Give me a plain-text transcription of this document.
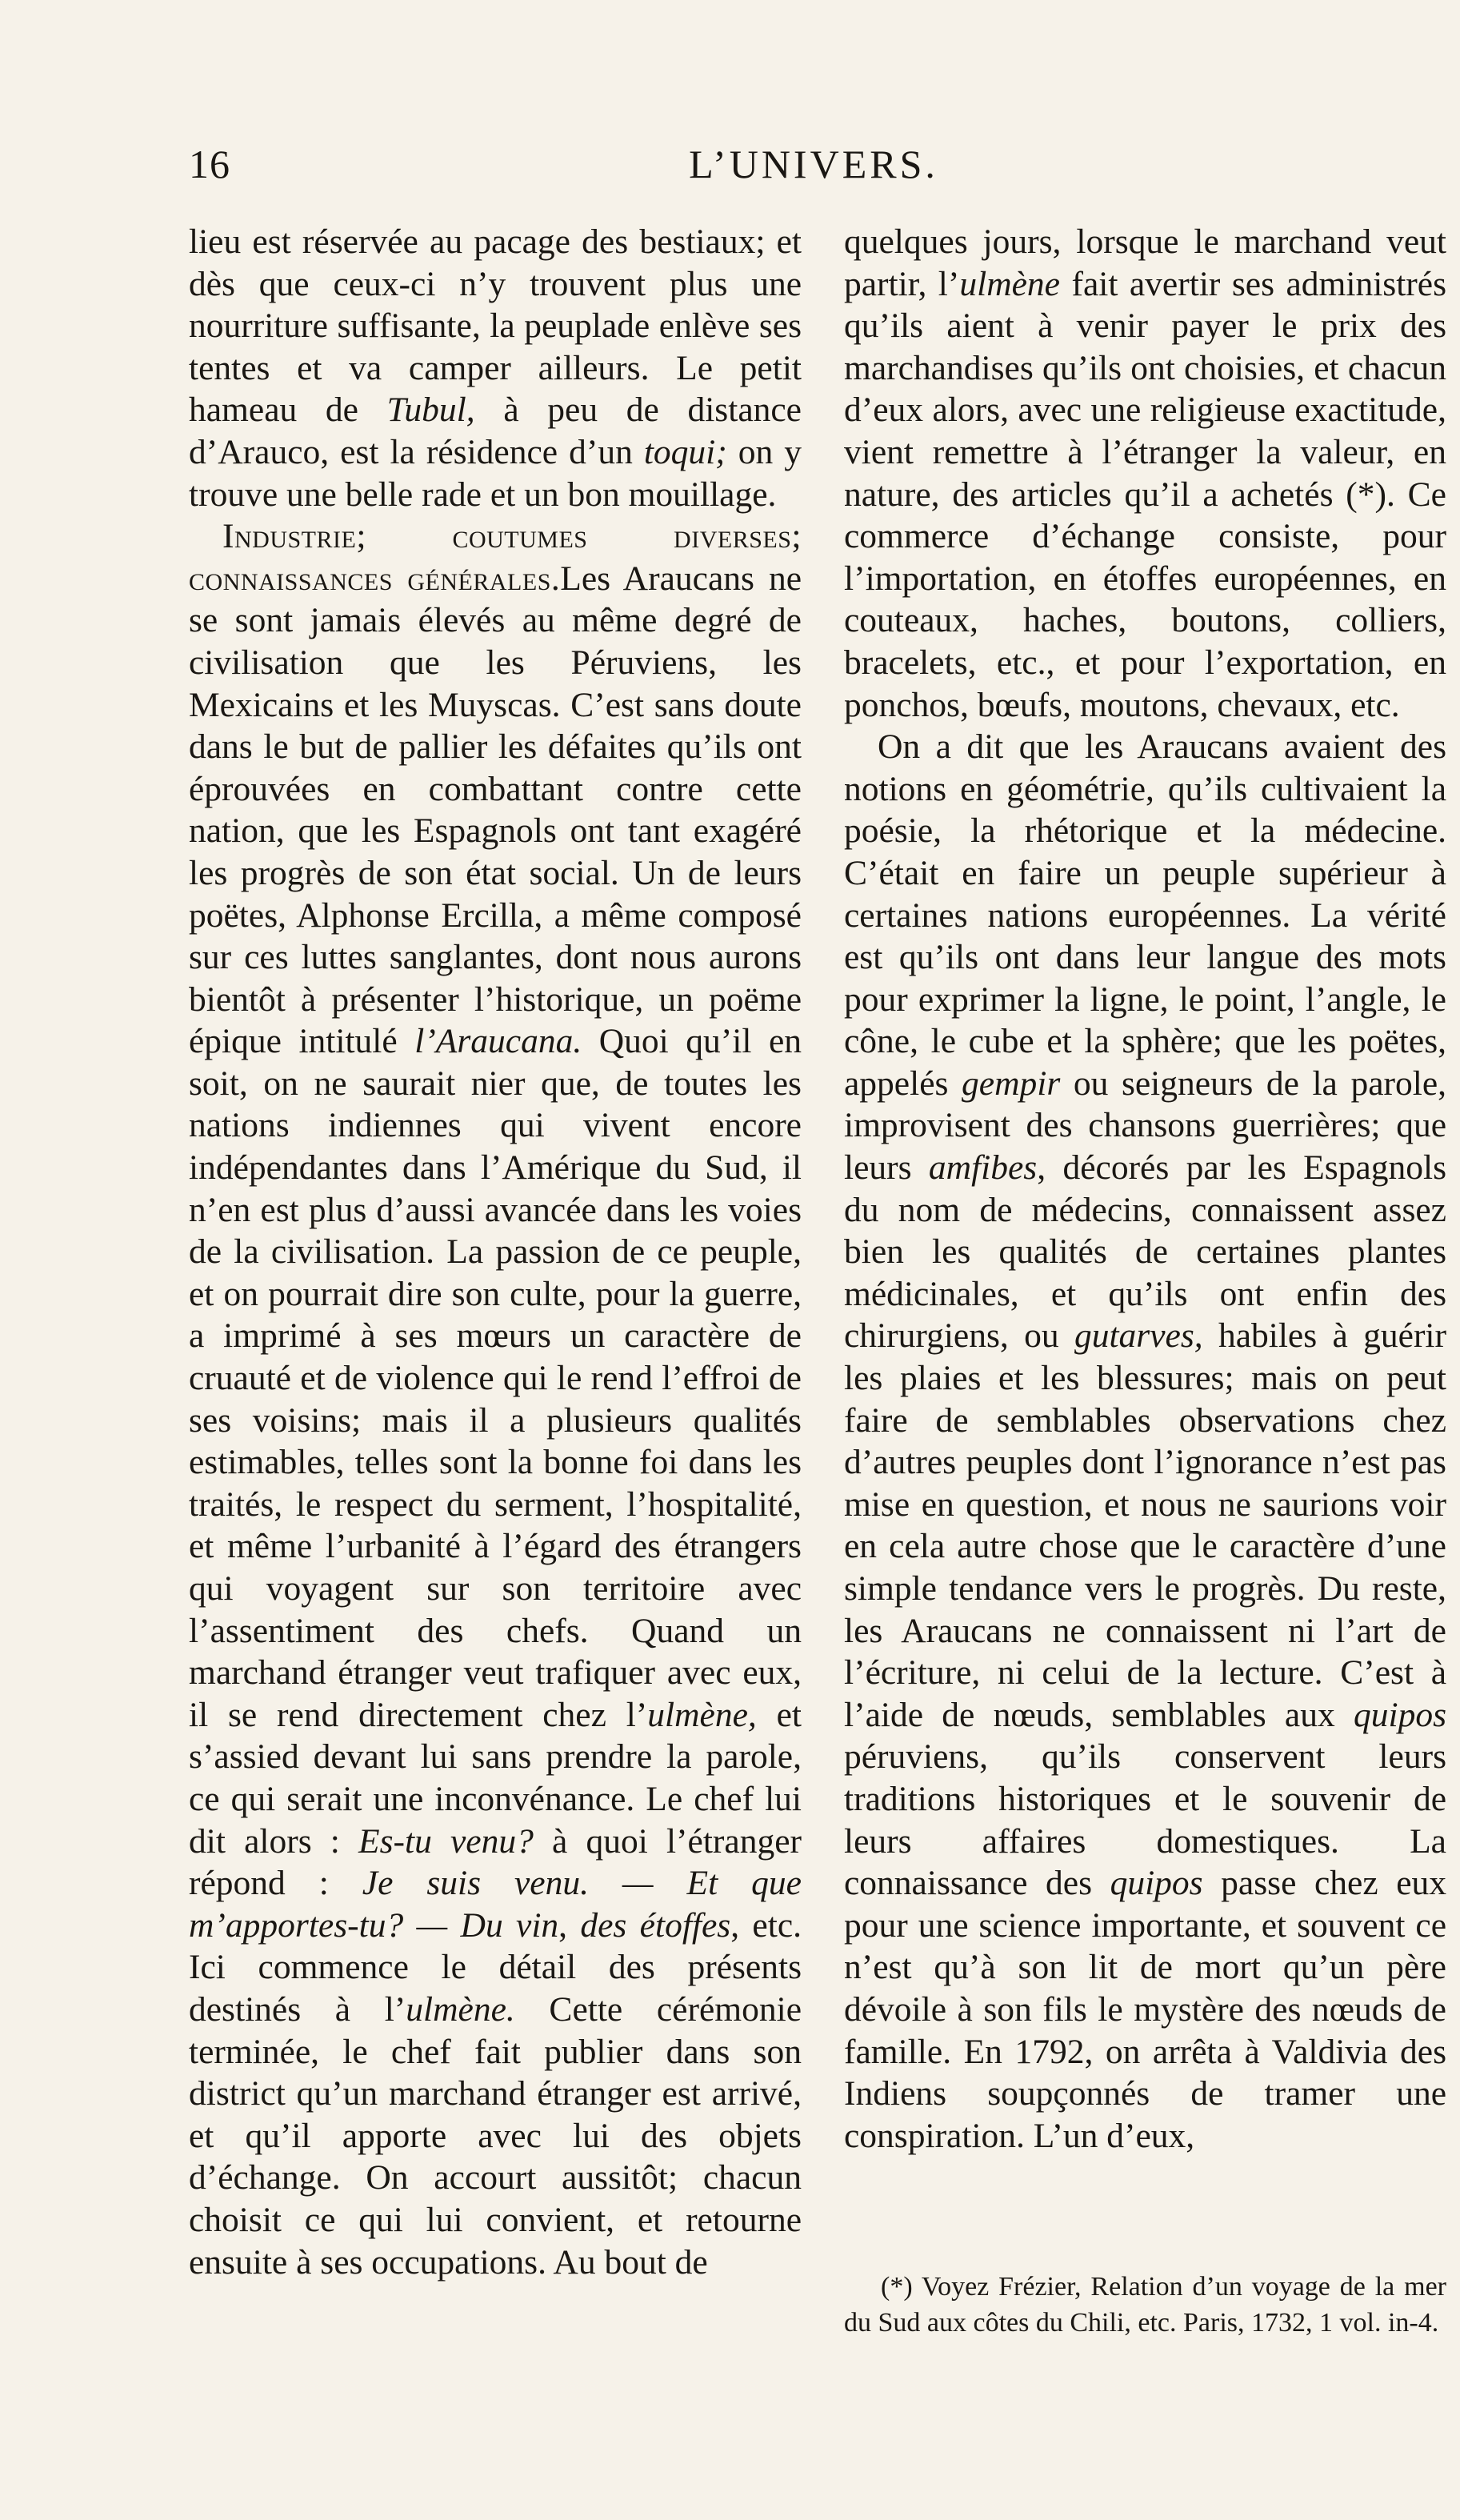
16	L’UNIVERS.

lieu est réservée au pacage des bestiaux; et dès que ceux-ci n’y trouvent plus une nourriture suffisante, la peuplade enlève ses tentes et va camper ailleurs. Le petit hameau de Tubul, à peu de distance d’Arauco, est la résidence d’un toqui; on y trouve une belle rade et un bon mouillage.

Industrie; coutumes diverses; connaissances générales.Les Araucans ne se sont jamais élevés au même degré de civilisation que les Péruviens, les Mexicains et les Muyscas. C’est sans doute dans le but de pallier les défaites qu’ils ont éprouvées en combattant contre cette nation, que les Espagnols ont tant exagéré les progrès de son état social. Un de leurs poëtes, Alphonse Ercilla, a même composé sur ces luttes sanglantes, dont nous aurons bientôt à présenter l’historique, un poëme épique intitulé l’Araucana. Quoi qu’il en soit, on ne saurait nier que, de toutes les nations indiennes qui vivent encore indépendantes dans l’Amérique du Sud, il n’en est plus d’aussi avancée dans les voies de la civilisation. La passion de ce peuple, et on pourrait dire son culte, pour la guerre, a imprimé à ses mœurs un caractère de cruauté et de violence qui le rend l’effroi de ses voisins; mais il a plusieurs qualités estimables, telles sont la bonne foi dans les traités, le respect du serment, l’hospitalité, et même l’urbanité à l’égard des étrangers qui voyagent sur son territoire avec l’assentiment des chefs. Quand un marchand étranger veut trafiquer avec eux, il se rend directement chez l’ulmène, et s’assied devant lui sans prendre la parole, ce qui serait une inconvénance. Le chef lui dit alors : Es-tu venu? à quoi l’étranger répond : Je suis venu. — Et que m’apportes-tu? — Du vin, des étoffes, etc. Ici commence le détail des présents destinés à l’ulmène. Cette cérémonie terminée, le chef fait publier dans son district qu’un marchand étranger est arrivé, et qu’il apporte avec lui des objets d’échange. On accourt aussitôt; chacun choisit ce qui lui convient, et retourne ensuite à ses occupations. Au bout de

quelques jours, lorsque le marchand veut partir, l’ulmène fait avertir ses administrés qu’ils aient à venir payer le prix des marchandises qu’ils ont choisies, et chacun d’eux alors, avec une religieuse exactitude, vient remettre à l’étranger la valeur, en nature, des articles qu’il a achetés (*). Ce commerce d’échange consiste, pour l’importation, en étoffes européennes, en couteaux, haches, boutons, colliers, bracelets, etc., et pour l’exportation, en ponchos, bœufs, moutons, chevaux, etc.

On a dit que les Araucans avaient des notions en géométrie, qu’ils cultivaient la poésie, la rhétorique et la médecine. C’était en faire un peuple supérieur à certaines nations européennes. La vérité est qu’ils ont dans leur langue des mots pour exprimer la ligne, le point, l’angle, le cône, le cube et la sphère; que les poëtes, appelés gempir ou seigneurs de la parole, improvisent des chansons guerrières; que leurs amfibes, décorés par les Espagnols du nom de médecins, connaissent assez bien les qualités de certaines plantes médicinales, et qu’ils ont enfin des chirurgiens, ou gutarves, habiles à guérir les plaies et les blessures; mais on peut faire de semblables observations chez d’autres peuples dont l’ignorance n’est pas mise en question, et nous ne saurions voir en cela autre chose que le caractère d’une simple tendance vers le progrès. Du reste, les Araucans ne connaissent ni l’art de l’écriture, ni celui de la lecture. C’est à l’aide de nœuds, semblables aux quipos péruviens, qu’ils conservent leurs traditions historiques et le souvenir de leurs affaires domestiques. La connaissance des quipos passe chez eux pour une science importante, et souvent ce n’est qu’à son lit de mort qu’un père dévoile à son fils le mystère des nœuds de famille. En 1792, on arrêta à Valdivia des Indiens soupçonnés de tramer une conspiration. L’un d’eux,

(*) Voyez Frézier, Relation d’un voyage de la mer du Sud aux côtes du Chili, etc. Paris, 1732, 1 vol. in-4.
